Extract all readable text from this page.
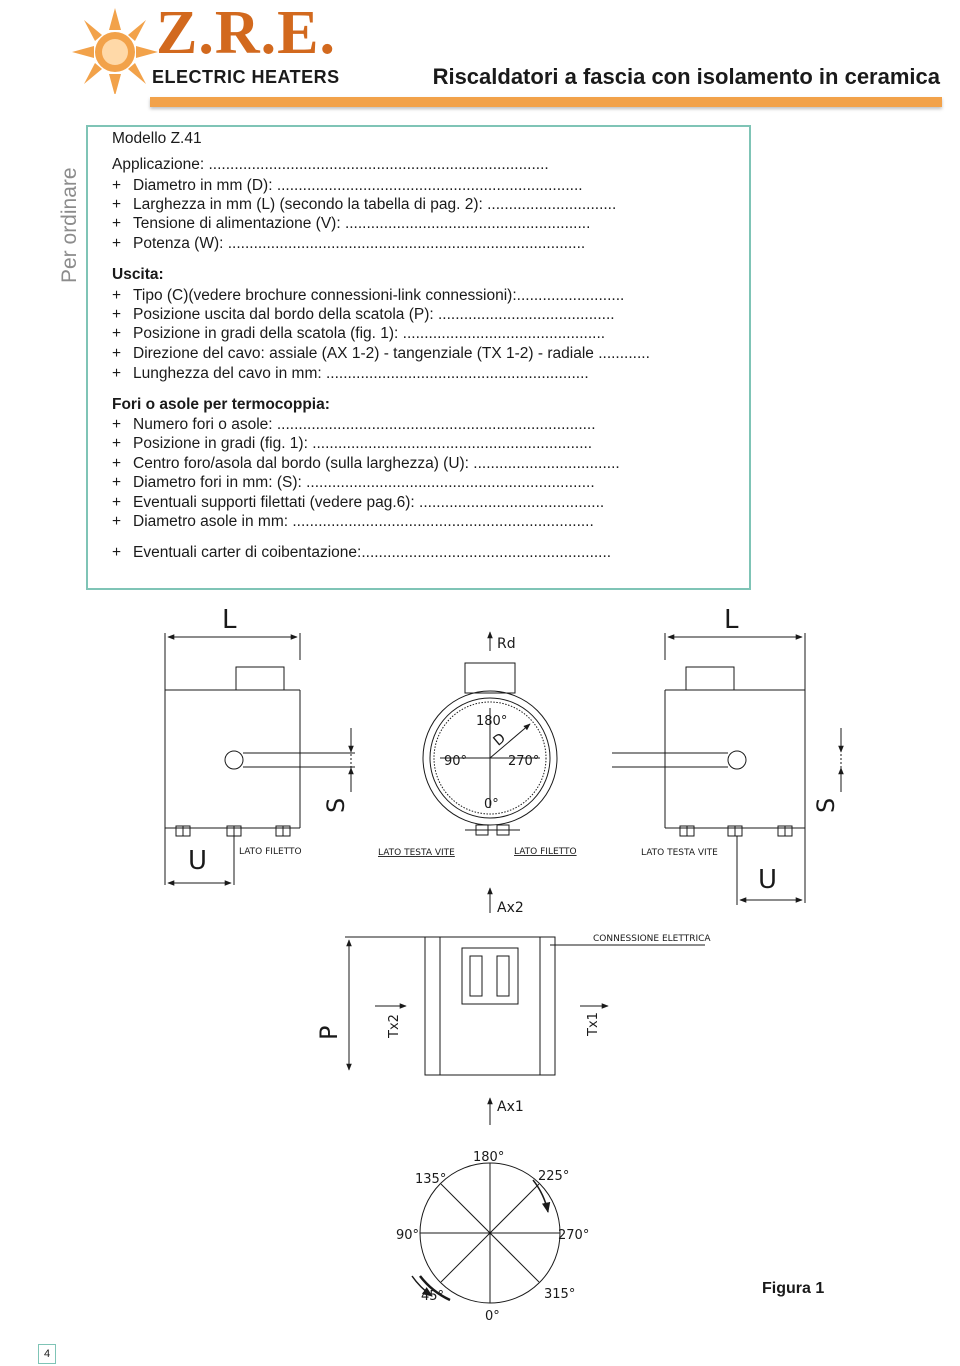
Z.R.E.
ELECTRIC HEATERS	Riscaldatori a fascia con isolamento in ceramica
Per ordinare
Modello Z.41
Applicazione: ...............................................................................
+ Diametro in mm (D): .......................................................................
+ Larghezza in mm (L) (secondo la tabella di pag. 2): ..............................
+ Tensione di alimentazione (V): .........................................................
+ Potenza (W): ...................................................................................
Uscita:
+ Tipo (C)(vedere brochure connessioni-link connessioni):.........................
+ Posizione uscita dal bordo della scatola (P): .........................................
+ Posizione in gradi della scatola (fig. 1): ...............................................
+ Direzione del cavo: assiale (AX 1-2) - tangenziale (TX 1-2) - radiale ............
+ Lunghezza del cavo in mm: .............................................................
Fori o asole per termocoppia:
+ Numero fori o asole: ..........................................................................
+ Posizione in gradi (fig. 1): .................................................................
+ Centro foro/asola dal bordo (sulla larghezza) (U): ..................................
+ Diametro fori in mm: (S): ...................................................................
+ Eventuali supporti filettati (vedere pag.6): ...........................................
+ Diametro asole in mm: ......................................................................
+ Eventuali carter di coibentazione:..........................................................
L	L
S	S
U
U
P
Rd
Ax2
Ax1
Tx2	Tx1
180°
90°	270°
0°
D
LATO FILETTO	LATO TESTA VITE	LATO FILETTO	LATO TESTA VITE
CONNESSIONE ELETTRICA
180°
135°	225°
90°	270°
45°	315°
0°
Figura 1
4
